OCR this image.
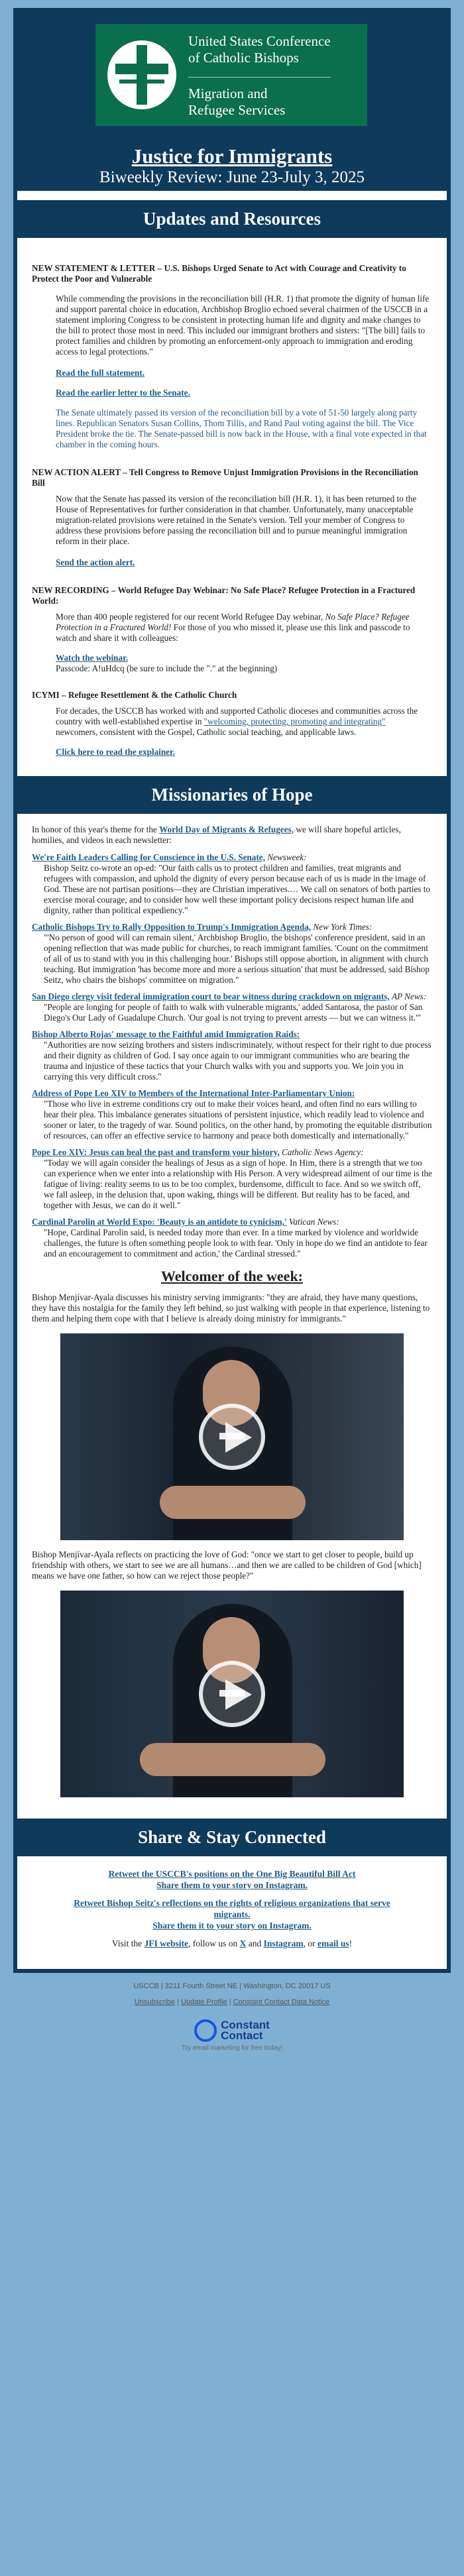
United States Conference
of Catholic Bishops
Migration and
Refugee Services
Justice for Immigrants
Biweekly Review: June 23-July 3, 2025
Updates and Resources
NEW STATEMENT & LETTER – U.S. Bishops Urged Senate to Act with Courage and Creativity to Protect the Poor and Vulnerable
While commending the provisions in the reconciliation bill (H.R. 1) that promote the dignity of human life and support parental choice in education, Archbishop Broglio echoed several chairmen of the USCCB in a statement imploring Congress to be consistent in protecting human life and dignity and make changes to the bill to protect those most in need. This included our immigrant brothers and sisters: "[The bill] fails to protect families and children by promoting an enforcement-only approach to immigration and eroding access to legal protections."
Read the full statement.
Read the earlier letter to the Senate.
The Senate ultimately passed its version of the reconciliation bill by a vote of 51-50 largely along party lines. Republican Senators Susan Collins, Thom Tillis, and Rand Paul voting against the bill. The Vice President broke the tie. The Senate-passed bill is now back in the House, with a final vote expected in that chamber in the coming hours.
NEW ACTION ALERT – Tell Congress to Remove Unjust Immigration Provisions in the Reconciliation Bill
Now that the Senate has passed its version of the reconciliation bill (H.R. 1), it has been returned to the House of Representatives for further consideration in that chamber. Unfortunately, many unacceptable migration-related provisions were retained in the Senate's version. Tell your member of Congress to address these provisions before passing the reconciliation bill and to pursue meaningful immigration reform in their place.
Send the action alert.
NEW RECORDING – World Refugee Day Webinar: No Safe Place? Refugee Protection in a Fractured World:
More than 400 people registered for our recent World Refugee Day webinar, No Safe Place? Refugee Protection in a Fractured World! For those of you who missed it, please use this link and passcode to watch and share it with colleagues:
Watch the webinar.
Passcode: A!uHdcq (be sure to include the "." at the beginning)
ICYMI – Refugee Resettlement & the Catholic Church
For decades, the USCCB has worked with and supported Catholic dioceses and communities across the country with well-established expertise in "welcoming, protecting, promoting and integrating" newcomers, consistent with the Gospel, Catholic social teaching, and applicable laws.
Click here to read the explainer.
Missionaries of Hope
In honor of this year's theme for the World Day of Migrants & Refugees, we will share hopeful articles, homilies, and videos in each newsletter:
We're Faith Leaders Calling for Conscience in the U.S. Senate, Newsweek:
Bishop Seitz co-wrote an op-ed: "Our faith calls us to protect children and families, treat migrants and refugees with compassion, and uphold the dignity of every person because each of us is made in the image of God. These are not partisan positions—they are Christian imperatives.… We call on senators of both parties to exercise moral courage, and to consider how well these important policy decisions respect human life and dignity, rather than political expediency."
Catholic Bishops Try to Rally Opposition to Trump's Immigration Agenda, New York Times:
"'No person of good will can remain silent,' Archbishop Broglio, the bishops' conference president, said in an opening reflection that was made public for churches, to reach immigrant families. 'Count on the commitment of all of us to stand with you in this challenging hour.' Bishops still oppose abortion, in alignment with church teaching. But immigration 'has become more and more a serious situation' that must be addressed, said Bishop Seitz, who chairs the bishops' committee on migration."
San Diego clergy visit federal immigration court to bear witness during crackdown on migrants, AP News:
"People are longing for people of faith to walk with vulnerable migrants,' added Santarosa, the pastor of San Diego's Our Lady of Guadalupe Church. 'Our goal is not trying to prevent arrests — but we can witness it.'"
Bishop Alberto Rojas' message to the Faithful amid Immigration Raids:
"Authorities are now seizing brothers and sisters indiscriminately, without respect for their right to due process and their dignity as children of God. I say once again to our immigrant communities who are bearing the trauma and injustice of these tactics that your Church walks with you and supports you. We join you in carrying this very difficult cross."
Address of Pope Leo XIV to Members of the International Inter-Parliamentary Union:
"Those who live in extreme conditions cry out to make their voices heard, and often find no ears willing to hear their plea. This imbalance generates situations of persistent injustice, which readily lead to violence and sooner or later, to the tragedy of war. Sound politics, on the other hand, by promoting the equitable distribution of resources, can offer an effective service to harmony and peace both domestically and internationally."
Pope Leo XIV: Jesus can heal the past and transform your history, Catholic News Agency:
"Today we will again consider the healings of Jesus as a sign of hope. In Him, there is a strength that we too can experience when we enter into a relationship with His Person. A very widespread ailment of our time is the fatigue of living: reality seems to us to be too complex, burdensome, difficult to face. And so we switch off, we fall asleep, in the delusion that, upon waking, things will be different. But reality has to be faced, and together with Jesus, we can do it well."
Cardinal Parolin at World Expo: 'Beauty is an antidote to cynicism,' Vatican News:
"Hope, Cardinal Parolin said, is needed today more than ever. In a time marked by violence and worldwide challenges, the future is often something people look to with fear. 'Only in hope do we find an antidote to fear and an encouragement to commitment and action,' the Cardinal stressed."
Welcomer of the week:
Bishop Menjívar-Ayala discusses his ministry serving immigrants: "they are afraid, they have many questions, they have this nostalgia for the family they left behind, so just walking with people in that experience, listening to them and helping them cope with that I believe is already doing ministry for immigrants."
Bishop Menjívar-Ayala reflects on practicing the love of God: "once we start to get closer to people, build up friendship with others, we start to see we are all humans…and then we are called to be children of God [which] means we have one father, so how can we reject those people?"
Share & Stay Connected
Retweet the USCCB's positions on the One Big Beautiful Bill Act
Share them to your story on Instagram.
Retweet Bishop Seitz's reflections on the rights of religious organizations that serve migrants.
Share them it to your story on Instagram.
Visit the JFI website, follow us on X and Instagram, or email us!
USCCB | 3211 Fourth Street NE | Washington, DC 20017 US
Unsubscribe | Update Profile | Constant Contact Data Notice
Constant
Contact
Try email marketing for free today!
